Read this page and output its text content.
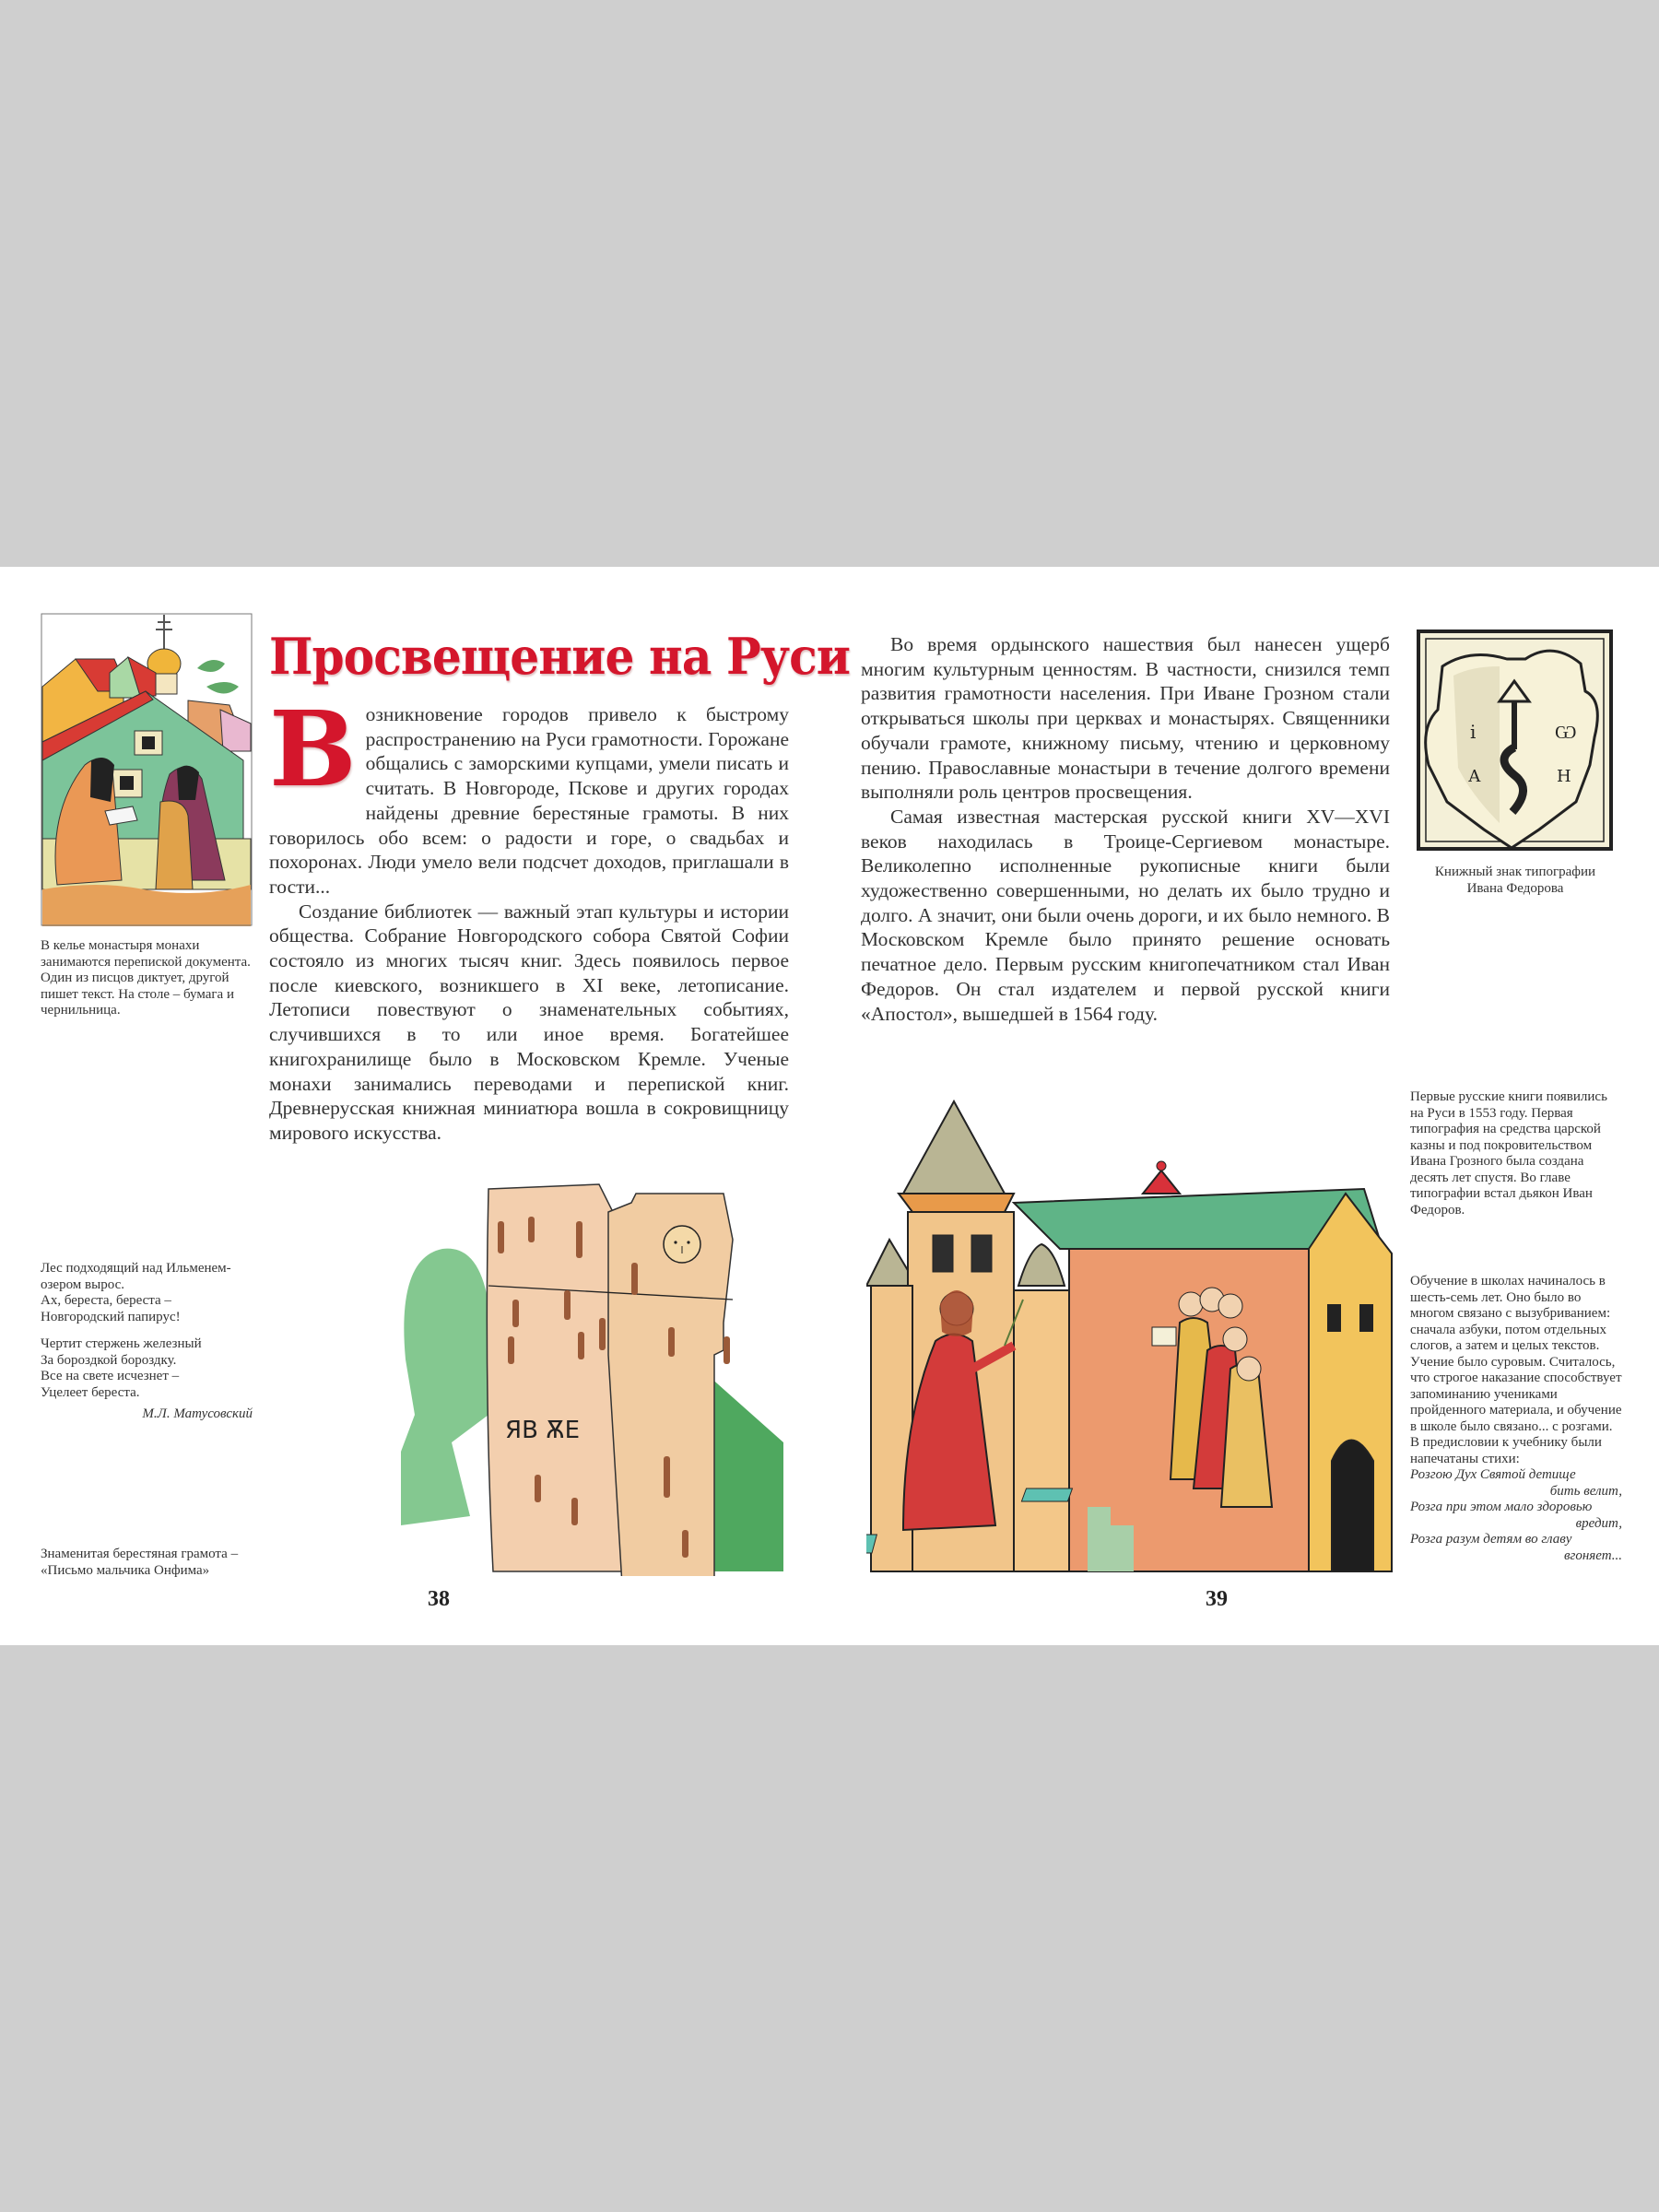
В келье монастыря монахи занимаются перепиской документа. Один из писцов диктует, другой пишет текст. На столе – бумага и чернильница.
Просвещение на Руси

Возникновение городов привело к быстрому распространению на Руси грамотности. Горожане общались с заморскими купцами, умели писать и считать. В Новгороде, Пскове и других городах найдены древние берестяные грамоты. В них говорилось обо всем: о радости и горе, о свадьбах и похоронах. Люди умело вели подсчет доходов, приглашали в гости...

Создание библиотек — важный этап культуры и истории общества. Собрание Новгородского собора Святой Софии состояло из многих тысяч книг. Здесь появилось первое после киевского, возникшего в XI веке, летописание. Летописи повествуют о знаменательных событиях, случившихся в то или иное время. Богатейшее книгохранилище было в Московском Кремле. Ученые монахи занимались переводами и перепиской книг. Древнерусская книжная миниатюра вошла в сокровищницу мирового искусства.

Лес подходящий над Ильменем-

озером вырос.

Ах, береста, береста –

Новгородский папирус!

Чертит стержень железный

За бороздкой бороздку.

Все на свете исчезнет –

Уцелеет береста.

М.Л. Матусовский

ЯВ ѪЕ
Знаменитая берестяная грамота –
«Письмо мальчика Онфима»
38

Во время ордынского нашествия был нанесен ущерб многим культурным ценностям. В частности, снизился темп развития грамотности населения. При Иване Грозном стали открываться школы при церквах и монастырях. Священники обучали грамоте, книжному письму, чтению и церковному пению. Православные монастыри в течение долгого времени выполняли роль центров просвещения.

Самая известная мастерская русской книги XV—XVI веков находилась в Троице-Сергиевом монастыре. Великолепно исполненные рукописные книги были художественно совершенными, но делать их было трудно и долго. А значит, они были очень дороги, и их было немного. В Московском Кремле было принято решение основать печатное дело. Первым русским книгопечатником стал Иван Федоров. Он стал издателем и первой русской книги «Апостол», вышедшей в 1564 году.

і
А
Ѡ
Н
Книжный знак типографии
Ивана Федорова
Первые русские книги появились на Руси в 1553 году. Первая типография на средства царской казны и под покровительством Ивана Грозного была создана десять лет спустя. Во главе типографии встал дьякон Иван Федоров.
Обучение в школах начиналось в шесть-семь лет. Оно было во многом связано с вызубриванием: сначала азбуки, потом отдельных слогов, а затем и целых текстов. Учение было суровым. Считалось, что строгое наказание способствует запоминанию учениками пройденного материала, и обучение в школе было связано... с розгами.
В предисловии к учебнику были напечатаны стихи:
Розгою Дух Святой детище
бить велит,
Розга при этом мало здоровью
вредит,
Розга разум детям во главу
вгоняет...
39
